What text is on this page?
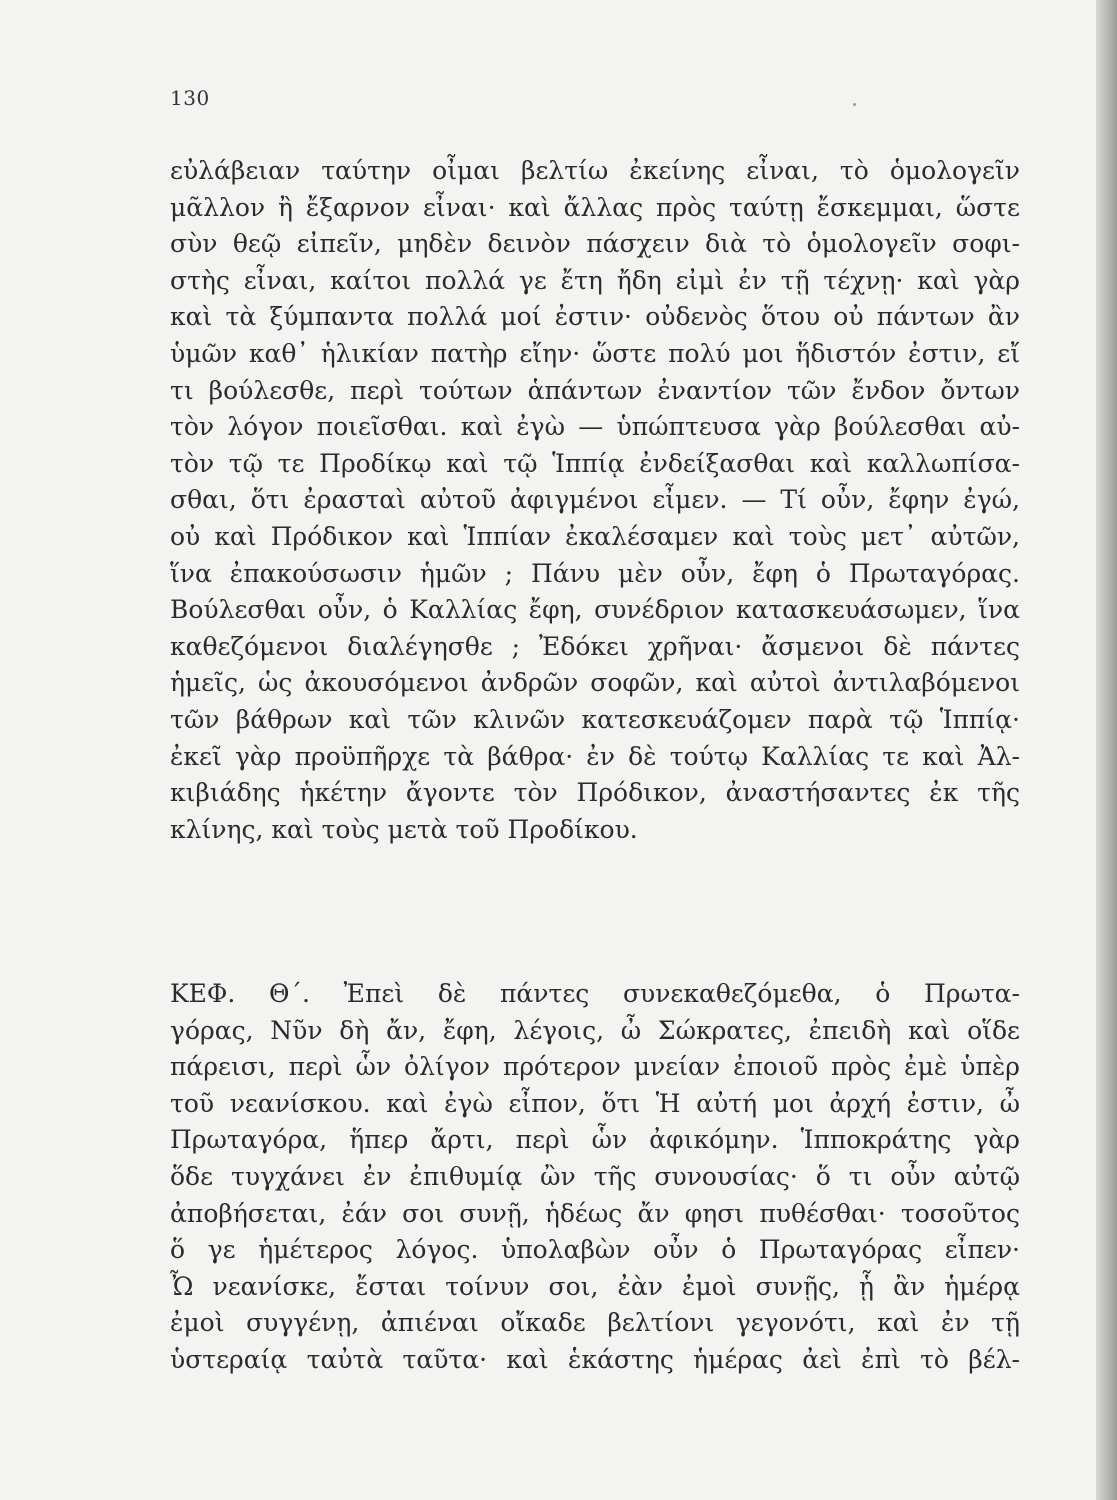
130
εὐλάβειαν ταύτην οἶμαι βελτίω ἐκείνης εἶναι, τὸ ὁμολογεῖν
μᾶλλον ἢ ἔξαρνον εἶναι· καὶ ἄλλας πρὸς ταύτῃ ἔσκεμμαι, ὥστε
σὺν θεῷ εἰπεῖν, μηδὲν δεινὸν πάσχειν διὰ τὸ ὁμολογεῖν σοφι-
στὴς εἶναι, καίτοι πολλά γε ἔτη ἤδη εἰμὶ ἐν τῇ τέχνῃ· καὶ γὰρ
καὶ τὰ ξύμπαντα πολλά μοί ἐστιν· οὐδενὸς ὅτου οὐ πάντων ἂν
ὑμῶν καθ᾽ ἡλικίαν πατὴρ εἴην· ὥστε πολύ μοι ἥδιστόν ἐστιν, εἴ
τι βούλεσθε, περὶ τούτων ἁπάντων ἐναντίον τῶν ἔνδον ὄντων
τὸν λόγον ποιεῖσθαι. καὶ ἐγὼ — ὑπώπτευσα γὰρ βούλεσθαι αὐ-
τὸν τῷ τε Προδίκῳ καὶ τῷ Ἱππίᾳ ἐνδείξασθαι καὶ καλλωπίσα-
σθαι, ὅτι ἐρασταὶ αὐτοῦ ἀφιγμένοι εἶμεν. — Τί οὖν, ἔφην ἐγώ,
οὐ καὶ Πρόδικον καὶ Ἱππίαν ἐκαλέσαμεν καὶ τοὺς μετ᾽ αὐτῶν,
ἵνα ἐπακούσωσιν ἡμῶν ; Πάνυ μὲν οὖν, ἔφη ὁ Πρωταγόρας.
Βούλεσθαι οὖν, ὁ Καλλίας ἔφη, συνέδριον κατασκευάσωμεν, ἵνα
καθεζόμενοι διαλέγησθε ; Ἐδόκει χρῆναι· ἄσμενοι δὲ πάντες
ἡμεῖς, ὡς ἀκουσόμενοι ἀνδρῶν σοφῶν, καὶ αὐτοὶ ἀντιλαβόμενοι
τῶν βάθρων καὶ τῶν κλινῶν κατεσκευάζομεν παρὰ τῷ Ἱππίᾳ·
ἐκεῖ γὰρ προϋπῆρχε τὰ βάθρα· ἐν δὲ τούτῳ Καλλίας τε καὶ Ἀλ-
κιβιάδης ἡκέτην ἄγοντε τὸν Πρόδικον, ἀναστήσαντες ἐκ τῆς
κλίνης, καὶ τοὺς μετὰ τοῦ Προδίκου.
ΚΕΦ. Θ΄. Ἐπεὶ δὲ πάντες συνεκαθεζόμεθα, ὁ Πρωτα-
γόρας, Νῦν δὴ ἄν, ἔφη, λέγοις, ὦ Σώκρατες, ἐπειδὴ καὶ οἵδε
πάρεισι, περὶ ὧν ὀλίγον πρότερον μνείαν ἐποιοῦ πρὸς ἐμὲ ὑπὲρ
τοῦ νεανίσκου. καὶ ἐγὼ εἶπον, ὅτι Ἡ αὐτή μοι ἀρχή ἐστιν, ὦ
Πρωταγόρα, ἥπερ ἄρτι, περὶ ὧν ἀφικόμην. Ἱπποκράτης γὰρ
ὅδε τυγχάνει ἐν ἐπιθυμίᾳ ὢν τῆς συνουσίας· ὅ τι οὖν αὐτῷ
ἀποβήσεται, ἐάν σοι συνῇ, ἡδέως ἄν φησι πυθέσθαι· τοσοῦτος
ὅ γε ἡμέτερος λόγος. ὑπολαβὼν οὖν ὁ Πρωταγόρας εἶπεν·
Ὦ νεανίσκε, ἔσται τοίνυν σοι, ἐὰν ἐμοὶ συνῇς, ᾗ ἂν ἡμέρᾳ
ἐμοὶ συγγένῃ, ἀπιέναι οἴκαδε βελτίονι γεγονότι, καὶ ἐν τῇ
ὑστεραίᾳ ταὐτὰ ταῦτα· καὶ ἑκάστης ἡμέρας ἀεὶ ἐπὶ τὸ βέλ-
